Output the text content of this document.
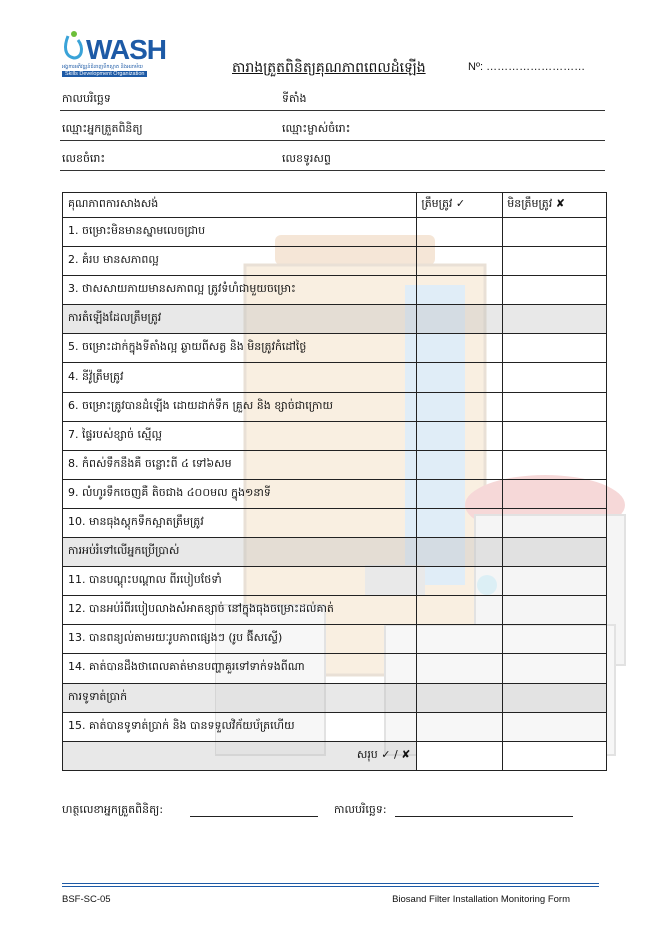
WASH
អង្គការអភិវឌ្ឍន៍ជំនាញ​ទឹកស្អាត និងអនាម័យ
Skills Development Organization	តារាងត្រួតពិនិត្យគុណភាពពេលដំឡើង	Nº: ………………………
កាលបរិច្ឆេទ	ទីតាំង
ឈ្មោះអ្នកត្រួតពិនិត្យ	ឈ្មោះម្ចាស់ចំរោះ
លេខចំរោះ	លេខទូរសព្ទ
គុណភាពការសាងសង់	ត្រឹមត្រូវ ✓	មិនត្រឹមត្រូវ ✘
1. ចម្រោះមិនមានស្នាមលេចជ្រាប		
2. គំរប មានសភាពល្អ		
3. ថាសសាយភាយមានសភាពល្អ ត្រូវទំហំជាមួយចម្រោះ		
ការតំឡើងដែលត្រឹមត្រូវ		
5. ចម្រោះដាក់ក្នុងទីតាំងល្អ ឆ្ងាយពីសត្វ និង មិនត្រូវកំដៅថ្ងៃ		
4. នីវ៉ូត្រឹមត្រូវ		
6. ចម្រោះត្រូវបានដំឡើង ដោយដាក់ទឹក គ្រួស និង ខ្សាច់ជាក្រោយ		
7. ផ្ទៃរបស់ខ្សាច់ ស្មើល្អ		
8. កំពស់ទឹកនឹងគឺ ចន្លោះពី ៤ ទៅ៦សម		
9. លំហូរទឹកចេញគឺ តិចជាង ៤០០មល ក្នុង១នាទី		
10. មានធុងស្តុកទឹកស្អាតត្រឹមត្រូវ		
ការអប់រំទៅលើអ្នកប្រើប្រាស់		
11. បានបណ្តុះបណ្តាល ពីរបៀបថែទាំ		
12. បានអប់រំពីរបៀបលាងសំអាតខ្សាច់ នៅក្នុងធុងចម្រោះដល់គាត់		
13. បានពន្យល់តាមរយៈរូបភាពផ្សេងៗ (រូប ផ៊ីសស្ទើ)		
14. គាត់បានដឹងថាពេលគាត់មានបញ្ហាគួរទៅទាក់ទងពីណា		
ការទូទាត់ប្រាក់		
15. គាត់បានទូទាត់ប្រាក់ និង បានទទួលវិក័យប័ត្រហើយ		
សរុប ✓ / ✘		
ហត្ថលេខាអ្នកត្រួតពិនិត្យ:	កាលបរិច្ឆេទ:
BSF-SC-05	Biosand Filter Installation Monitoring Form
